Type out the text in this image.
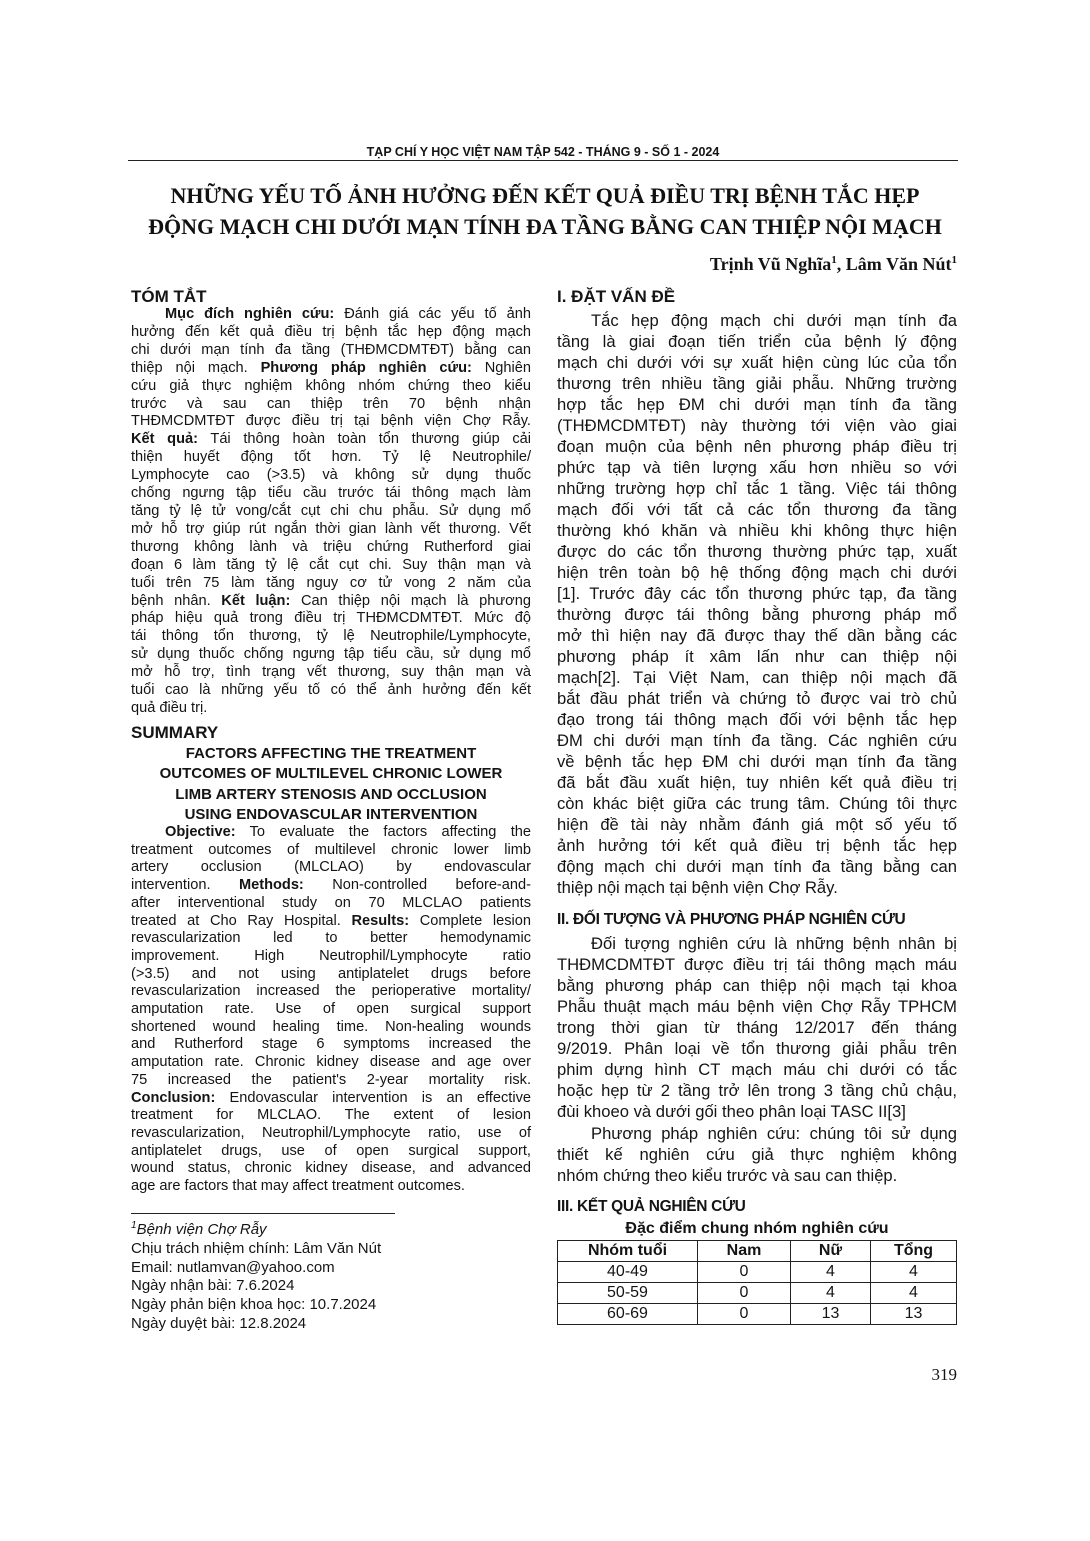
TẠP CHÍ Y HỌC VIỆT NAM TẬP 542 - THÁNG 9 - SỐ 1 - 2024
NHỮNG YẾU TỐ ẢNH HƯỞNG ĐẾN KẾT QUẢ ĐIỀU TRỊ BỆNH TẮC HẸP
ĐỘNG MẠCH CHI DƯỚI MẠN TÍNH ĐA TẦNG BẰNG CAN THIỆP NỘI MẠCH
Trịnh Vũ Nghĩa$^1$, Lâm Văn Nút$^1$
TÓM TẮT
Mục đích nghiên cứu: Đánh giá các yếu tố ảnh
hưởng đến kết quả điều trị bệnh tắc hẹp động mạch
chi dưới mạn tính đa tầng (THĐMCDMTĐT) bằng can
thiệp nội mạch. Phương pháp nghiên cứu: Nghiên
cứu giả thực nghiệm không nhóm chứng theo kiểu
trước và sau can thiệp trên 70 bệnh nhận
THĐMCDMTĐT được điều trị tại bệnh viện Chợ Rẫy.
Kết quả: Tái thông hoàn toàn tổn thương giúp cải
thiện huyết động tốt hơn. Tỷ lệ Neutrophile/
Lymphocyte cao (>3.5) và không sử dụng thuốc
chống ngưng tập tiểu cầu trước tái thông mạch làm
tăng tỷ lệ tử vong/cắt cụt chi chu phẫu. Sử dụng mổ
mở hỗ trợ giúp rút ngắn thời gian lành vết thương. Vết
thương không lành và triệu chứng Rutherford giai
đoạn 6 làm tăng tỷ lệ cắt cụt chi. Suy thận mạn và
tuổi trên 75 làm tăng nguy cơ tử vong 2 năm của
bệnh nhân. Kết luận: Can thiệp nội mạch là phương
pháp hiệu quả trong điều trị THĐMCDMTĐT. Mức độ
tái thông tổn thương, tỷ lệ Neutrophile/Lymphocyte,
sử dụng thuốc chống ngưng tập tiểu cầu, sử dụng mổ
mở hỗ trợ, tình trạng vết thương, suy thận mạn và
tuổi cao là những yếu tố có thể ảnh hưởng đến kết
quả điều trị.
SUMMARY
FACTORS AFFECTING THE TREATMENT
OUTCOMES OF MULTILEVEL CHRONIC LOWER
LIMB ARTERY STENOSIS AND OCCLUSION
USING ENDOVASCULAR INTERVENTION
Objective: To evaluate the factors affecting the
treatment outcomes of multilevel chronic lower limb
artery occlusion (MLCLAO) by endovascular
intervention. Methods: Non-controlled before-and-
after interventional study on 70 MLCLAO patients
treated at Cho Ray Hospital. Results: Complete lesion
revascularization led to better hemodynamic
improvement. High Neutrophil/Lymphocyte ratio
(>3.5) and not using antiplatelet drugs before
revascularization increased the perioperative mortality/
amputation rate. Use of open surgical support
shortened wound healing time. Non-healing wounds
and Rutherford stage 6 symptoms increased the
amputation rate. Chronic kidney disease and age over
75 increased the patient's 2-year mortality risk.
Conclusion: Endovascular intervention is an effective
treatment for MLCLAO. The extent of lesion
revascularization, Neutrophil/Lymphocyte ratio, use of
antiplatelet drugs, use of open surgical support,
wound status, chronic kidney disease, and advanced
age are factors that may affect treatment outcomes.
$^1$Bệnh viện Chợ Rẫy
Chịu trách nhiệm chính: Lâm Văn Nút
Email: nutlamvan@yahoo.com
Ngày nhận bài: 7.6.2024
Ngày phản biện khoa học: 10.7.2024
Ngày duyệt bài: 12.8.2024
I. ĐẶT VẤN ĐỀ
Tắc hẹp động mạch chi dưới mạn tính đa
tầng là giai đoạn tiến triển của bệnh lý động
mạch chi dưới với sự xuất hiện cùng lúc của tổn
thương trên nhiều tầng giải phẫu. Những trường
hợp tắc hẹp ĐM chi dưới mạn tính đa tầng
(THĐMCDMTĐT) này thường tới viện vào giai
đoạn muộn của bệnh nên phương pháp điều trị
phức tạp và tiên lượng xấu hơn nhiều so với
những trường hợp chỉ tắc 1 tầng. Việc tái thông
mạch đối với tất cả các tổn thương đa tầng
thường khó khăn và nhiều khi không thực hiện
được do các tổn thương thường phức tạp, xuất
hiện trên toàn bộ hệ thống động mạch chi dưới
[1]. Trước đây các tổn thương phức tạp, đa tầng
thường được tái thông bằng phương pháp mổ
mở thì hiện nay đã được thay thế dần bằng các
phương pháp ít xâm lấn như can thiệp nội
mạch[2]. Tại Việt Nam, can thiệp nội mạch đã
bắt đầu phát triển và chứng tỏ được vai trò chủ
đạo trong tái thông mạch đối với bệnh tắc hẹp
ĐM chi dưới mạn tính đa tầng. Các nghiên cứu
về bệnh tắc hẹp ĐM chi dưới mạn tính đa tầng
đã bắt đầu xuất hiện, tuy nhiên kết quả điều trị
còn khác biệt giữa các trung tâm. Chúng tôi thực
hiện đề tài này nhằm đánh giá một số yếu tố
ảnh hưởng tới kết quả điều trị bệnh tắc hẹp
động mạch chi dưới mạn tính đa tầng bằng can
thiệp nội mạch tại bệnh viện Chợ Rẫy.
II. ĐỐI TƯỢNG VÀ PHƯƠNG PHÁP NGHIÊN CỨU
Đối tượng nghiên cứu là những bệnh nhân bị
THĐMCDMTĐT được điều trị tái thông mạch máu
bằng phương pháp can thiệp nội mạch tại khoa
Phẫu thuật mạch máu bệnh viện Chợ Rẫy TPHCM
trong thời gian từ tháng 12/2017 đến tháng
9/2019. Phân loại về tổn thương giải phẫu trên
phim dựng hình CT mạch máu chi dưới có tắc
hoặc hẹp từ 2 tầng trở lên trong 3 tầng chủ chậu,
đùi khoeo và dưới gối theo phân loại TASC II[3]
Phương pháp nghiên cứu: chúng tôi sử dụng
thiết kế nghiên cứu giả thực nghiệm không
nhóm chứng theo kiểu trước và sau can thiệp.
III. KẾT QUẢ NGHIÊN CỨU
Đặc điểm chung nhóm nghiên cứu
Nhóm tuổi	Nam	Nữ	Tổng
40-49	0	4	4
50-59	0	4	4
60-69	0	13	13
319
